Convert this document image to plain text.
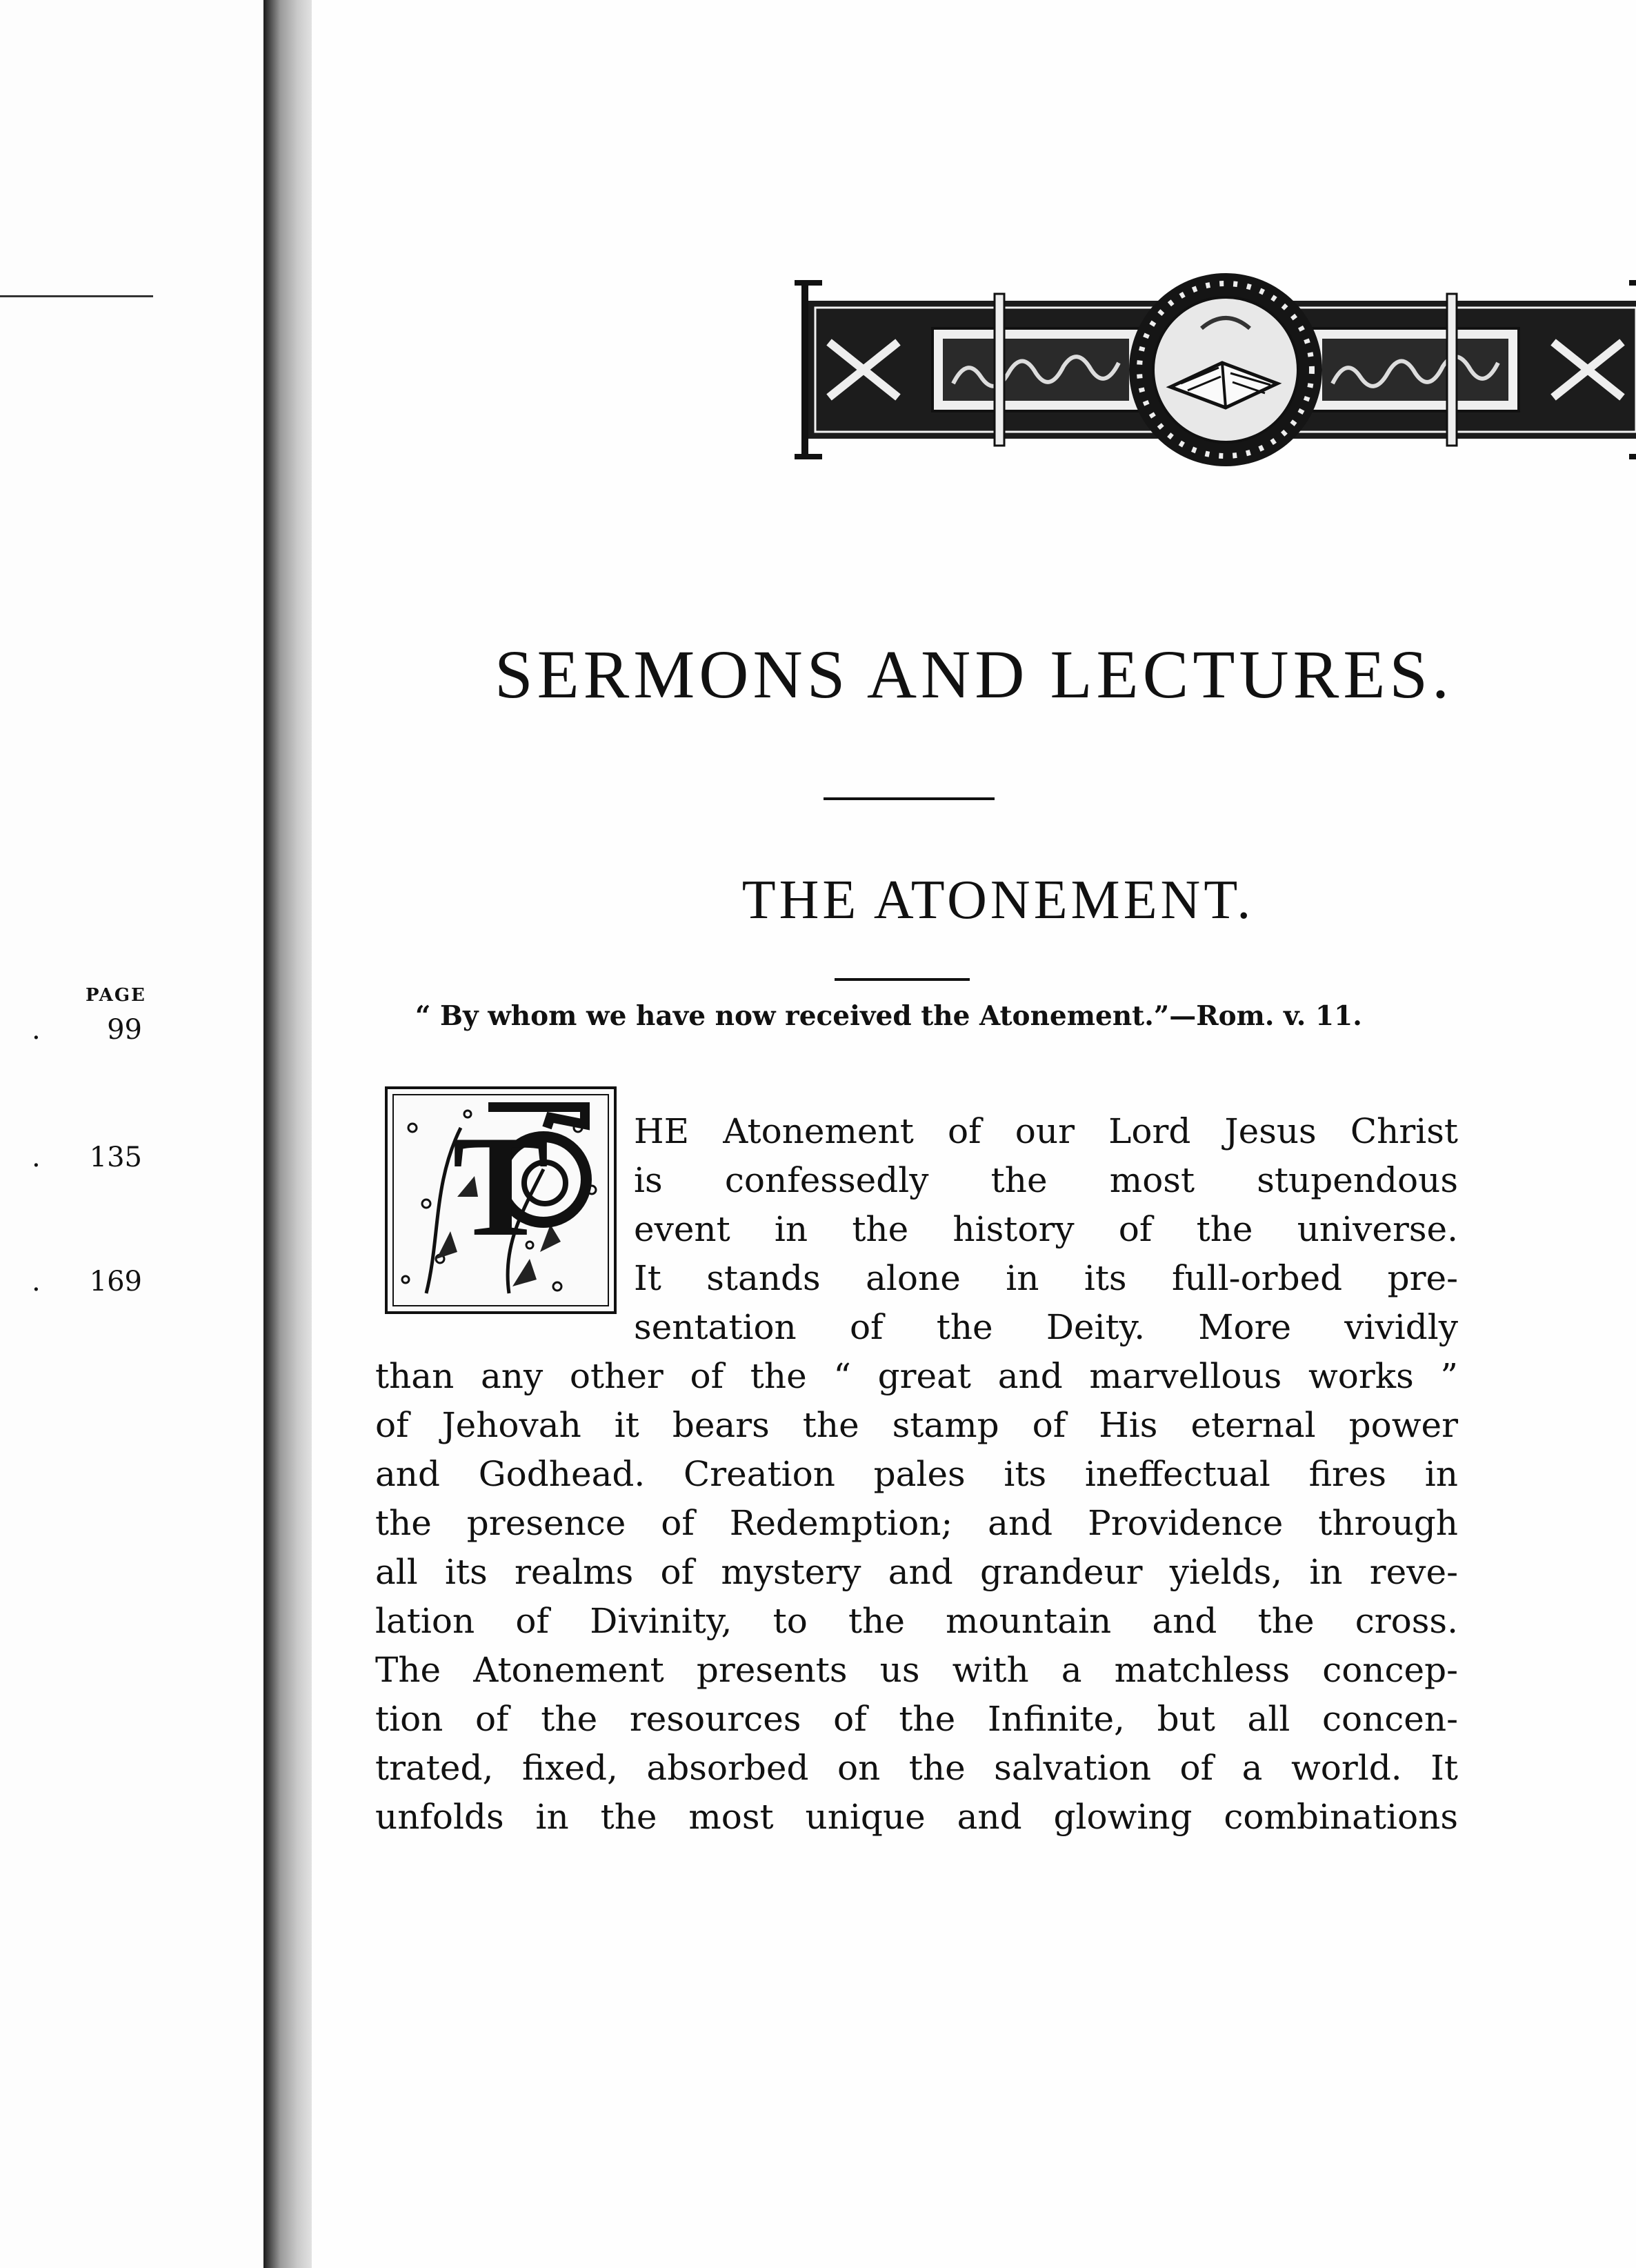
PAGE
. 99
. 135
. 169
SERMONS AND LECTURES.
THE ATONEMENT.
“ By whom we have now received the Atonement.”—Rom. v. 11.
T	HE Atonement of our Lord Jesus Christ
is confessedly the most stupendous
event in the history of the universe.
It stands alone in its full-orbed pre-
sentation of the Deity. More vividly
than any other of the “ great and marvellous works ”
of Jehovah it bears the stamp of His eternal power
and Godhead. Creation pales its ineffectual fires in
the presence of Redemption; and Providence through
all its realms of mystery and grandeur yields, in reve-
lation of Divinity, to the mountain and the cross.
The Atonement presents us with a matchless concep-
tion of the resources of the Infinite, but all concen-
trated, fixed, absorbed on the salvation of a world. It
unfolds in the most unique and glowing combinations
